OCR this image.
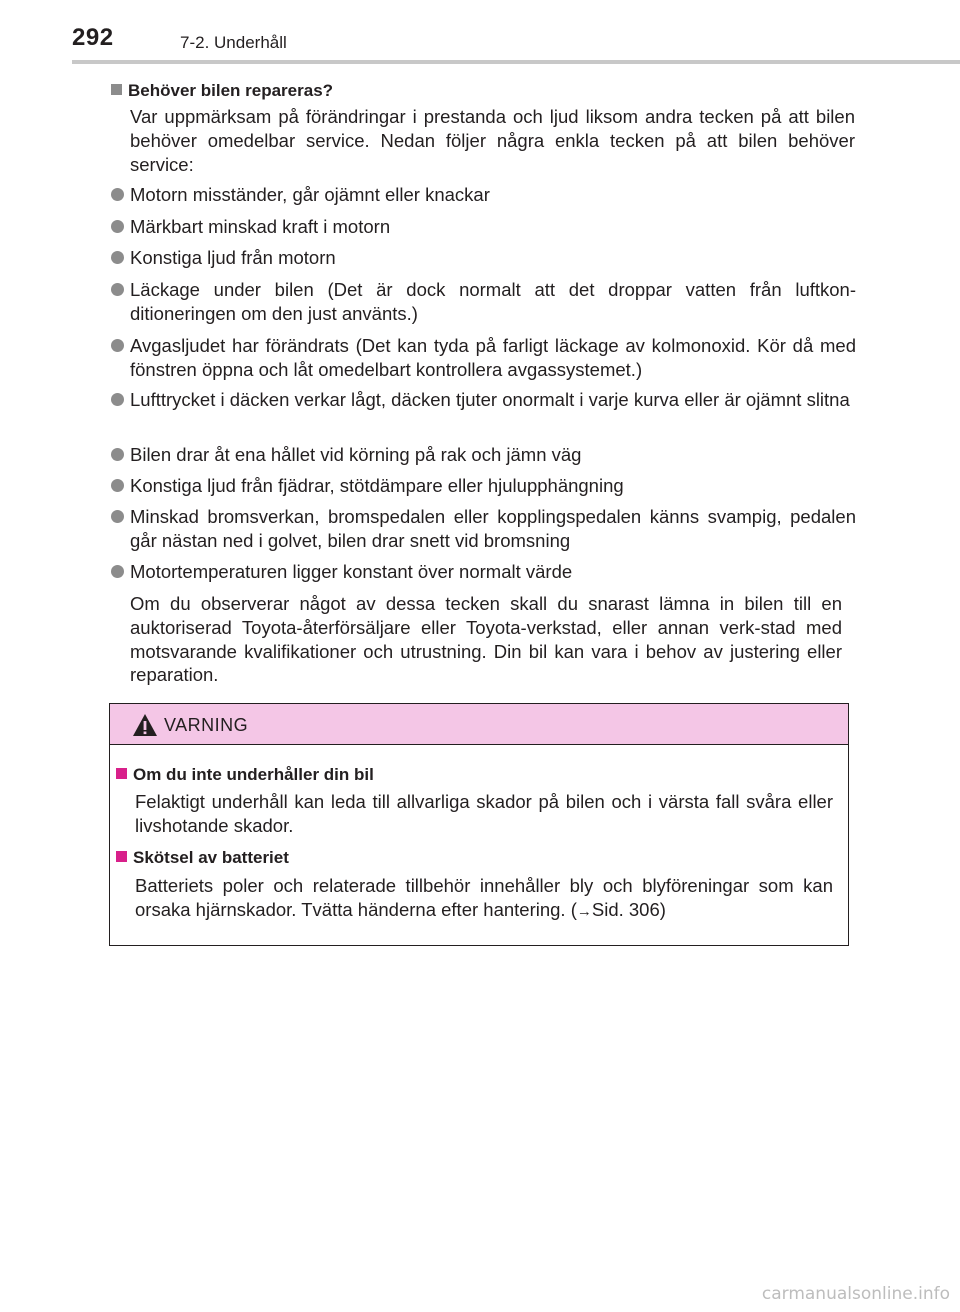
292	7-2. Underhåll
Behöver bilen repareras?
Var uppmärksam på förändringar i prestanda och ljud liksom andra tecken på att bilen behöver omedelbar service. Nedan följer några enkla tecken på att bilen behöver service:
Motorn misständer, går ojämnt eller knackar
Märkbart minskad kraft i motorn
Konstiga ljud från motorn
Läckage under bilen (Det är dock normalt att det droppar vatten från luftkon-ditioneringen om den just använts.)
Avgasljudet har förändrats (Det kan tyda på farligt läckage av kolmonoxid. Kör då med fönstren öppna och låt omedelbart kontrollera avgassystemet.)
Lufttrycket i däcken verkar lågt, däcken tjuter onormalt i varje kurva eller är ojämnt slitna
Bilen drar åt ena hållet vid körning på rak och jämn väg
Konstiga ljud från fjädrar, stötdämpare eller hjulupphängning
Minskad bromsverkan, bromspedalen eller kopplingspedalen känns svampig, pedalen går nästan ned i golvet, bilen drar snett vid bromsning
Motortemperaturen ligger konstant över normalt värde
Om du observerar något av dessa tecken skall du snarast lämna in bilen till en auktoriserad Toyota-återförsäljare eller Toyota-verkstad, eller annan verk-stad med motsvarande kvalifikationer och utrustning. Din bil kan vara i behov av justering eller reparation.
VARNING
Om du inte underhåller din bil
Felaktigt underhåll kan leda till allvarliga skador på bilen och i värsta fall svåra eller livshotande skador.
Skötsel av batteriet
Batteriets poler och relaterade tillbehör innehåller bly och blyföreningar som kan orsaka hjärnskador. Tvätta händerna efter hantering. (→Sid. 306)
carmanualsonline.info
